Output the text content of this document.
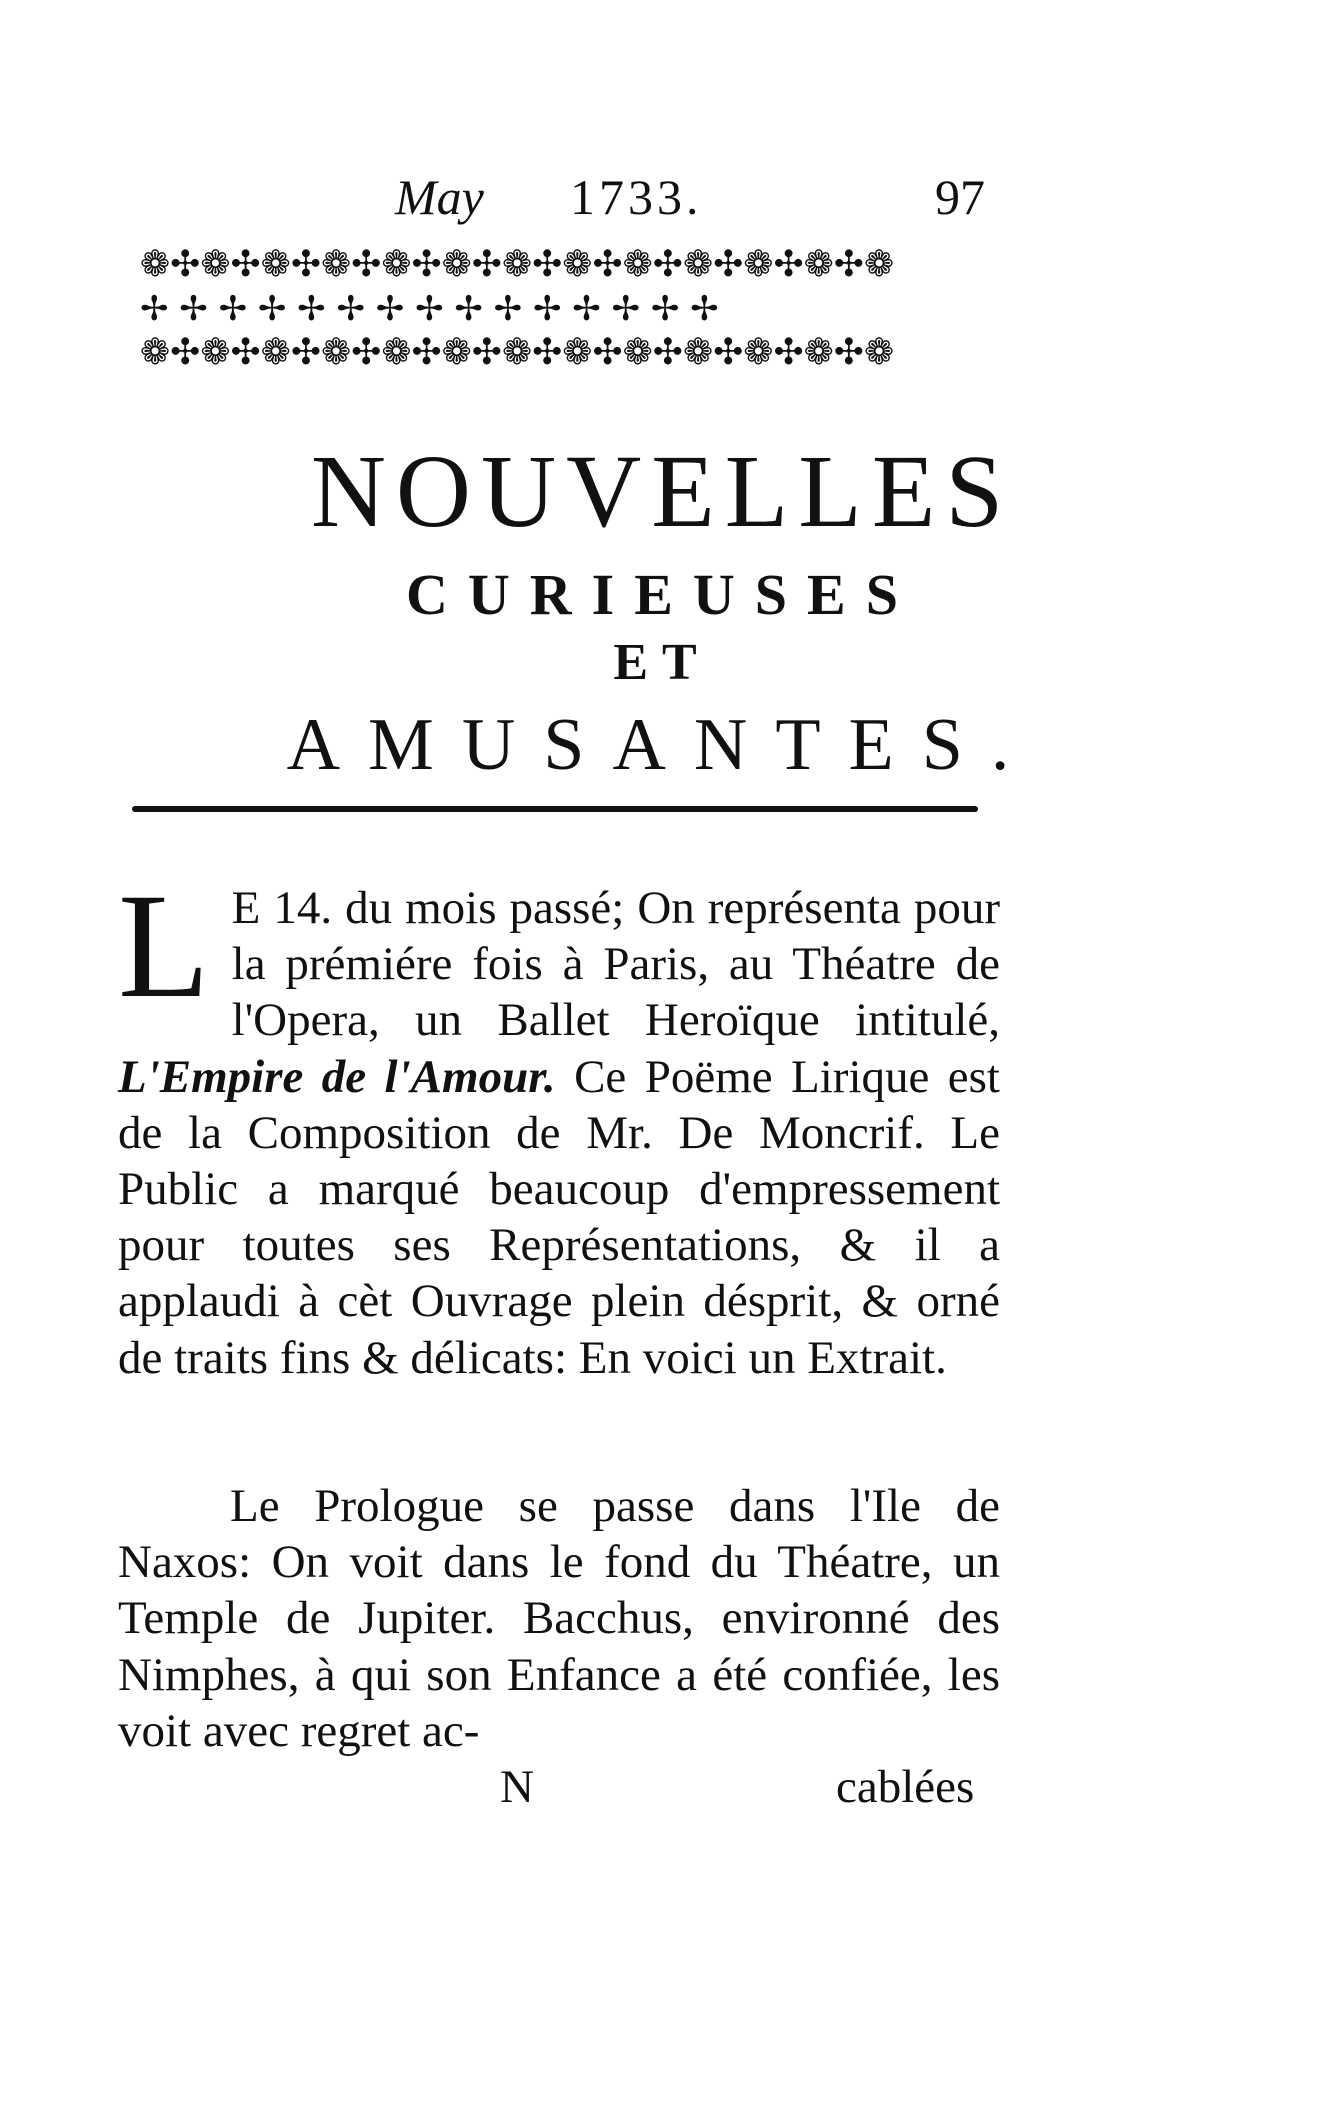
May 1733.	97
❁✣❁✣❁✣❁✣❁✣❁✣❁✣❁✣❁✣❁✣❁✣❁✣❁
✢ ✢ ✢ ✢ ✢ ✢ ✢ ✢ ✢ ✢ ✢ ✢ ✢ ✢ ✢
❁✣❁✣❁✣❁✣❁✣❁✣❁✣❁✣❁✣❁✣❁✣❁✣❁
NOUVELLES
CURIEUSES
ET
AMUSANTES.
L E 14. du mois passé; On représenta pour la prémiére fois à Paris, au Théatre de l'Opera, un Ballet Heroïque intitulé, L'Empire de l'Amour. Ce Poëme Lirique est de la Composition de Mr. De Moncrif. Le Public a marqué beaucoup d'empressement pour toutes ses Représentations, & il a applaudi à cèt Ouvrage plein désprit, & orné de traits fins & délicats: En voici un Extrait.
Le Prologue se passe dans l'Ile de Naxos: On voit dans le fond du Théatre, un Temple de Jupiter. Bacchus, environné des Nimphes, à qui son Enfance a été confiée, les voit avec regret ac-
N	cablées
